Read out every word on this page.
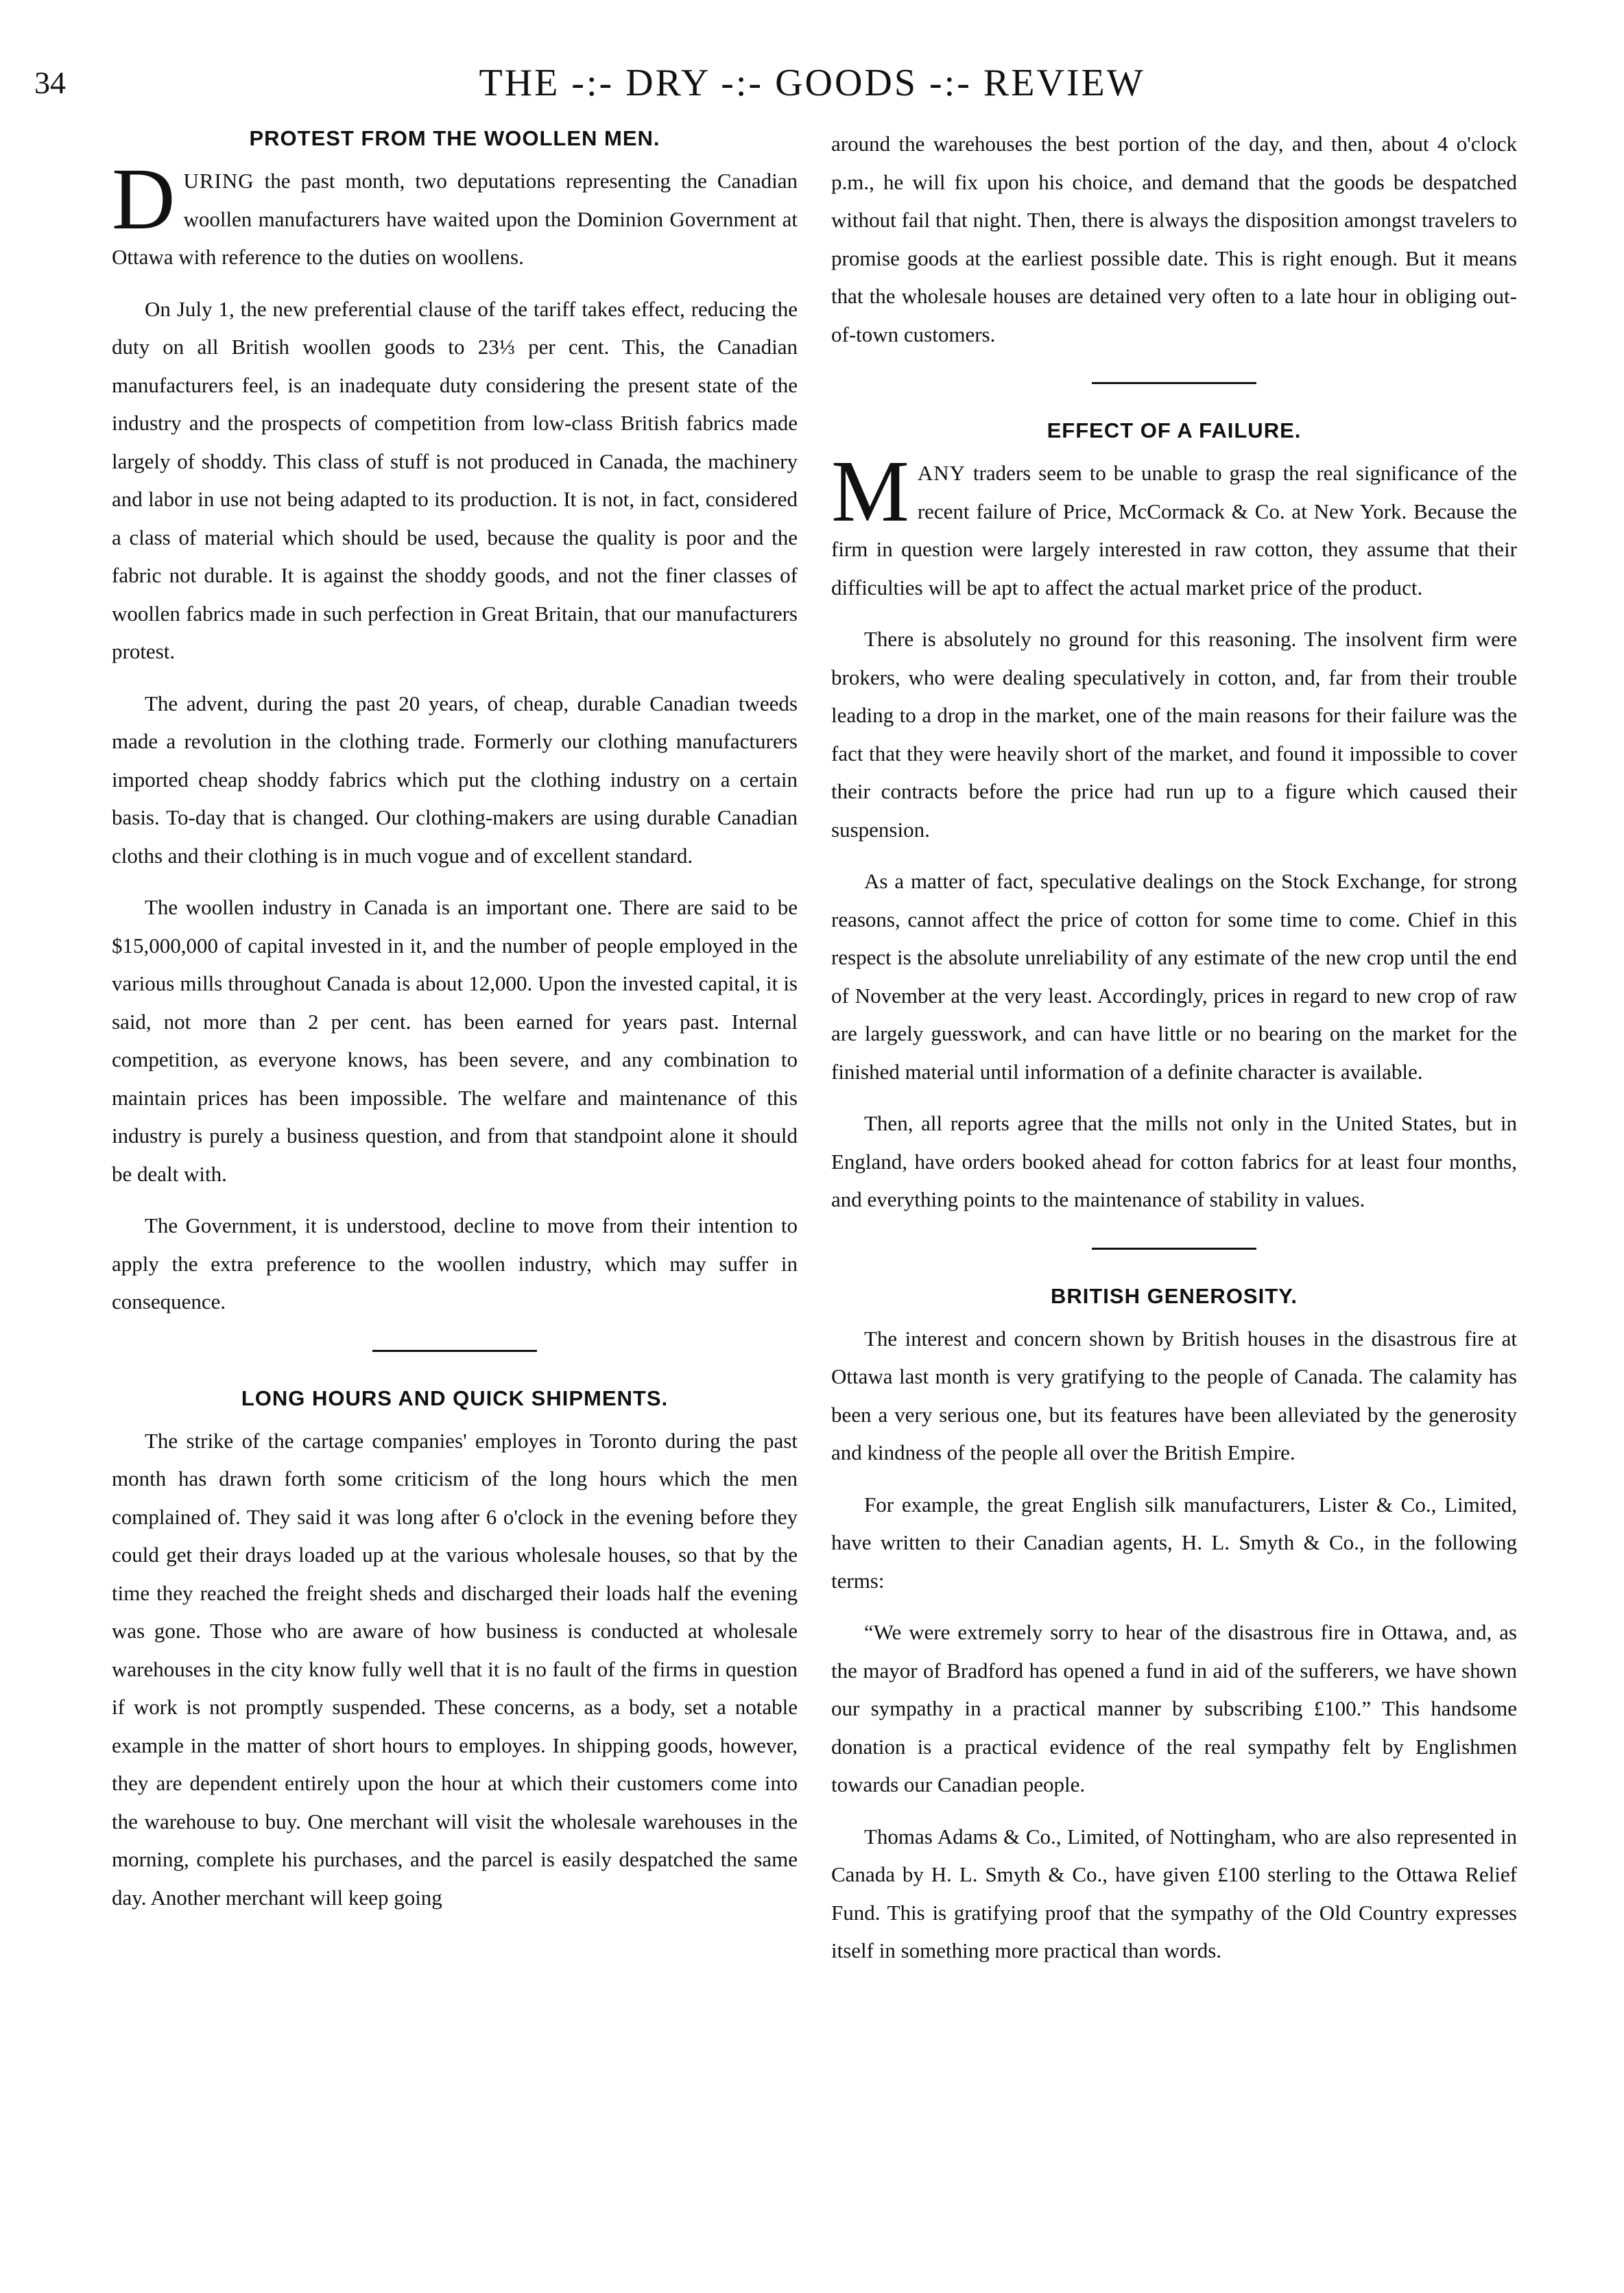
34	THE -:- DRY -:- GOODS -:- REVIEW
PROTEST FROM THE WOOLLEN MEN.

DURING the past month, two deputations representing the Canadian woollen manufacturers have waited upon the Dominion Government at Ottawa with reference to the duties on woollens.

On July 1, the new preferential clause of the tariff takes effect, reducing the duty on all British woollen goods to 23⅓ per cent. This, the Canadian manufacturers feel, is an inadequate duty considering the present state of the industry and the prospects of competition from low-class British fabrics made largely of shoddy. This class of stuff is not produced in Canada, the machinery and labor in use not being adapted to its production. It is not, in fact, considered a class of material which should be used, because the quality is poor and the fabric not durable. It is against the shoddy goods, and not the finer classes of woollen fabrics made in such perfection in Great Britain, that our manufacturers protest.

The advent, during the past 20 years, of cheap, durable Canadian tweeds made a revolution in the clothing trade. Formerly our clothing manufacturers imported cheap shoddy fabrics which put the clothing industry on a certain basis. To-day that is changed. Our clothing-makers are using durable Canadian cloths and their clothing is in much vogue and of excellent standard.

The woollen industry in Canada is an important one. There are said to be $15,000,000 of capital invested in it, and the number of people employed in the various mills throughout Canada is about 12,000. Upon the invested capital, it is said, not more than 2 per cent. has been earned for years past. Internal competition, as everyone knows, has been severe, and any combination to maintain prices has been impossible. The welfare and maintenance of this industry is purely a business question, and from that standpoint alone it should be dealt with.

The Government, it is understood, decline to move from their intention to apply the extra preference to the woollen industry, which may suffer in consequence.

LONG HOURS AND QUICK SHIPMENTS.

The strike of the cartage companies' employes in Toronto during the past month has drawn forth some criticism of the long hours which the men complained of. They said it was long after 6 o'clock in the evening before they could get their drays loaded up at the various wholesale houses, so that by the time they reached the freight sheds and discharged their loads half the evening was gone. Those who are aware of how business is conducted at wholesale warehouses in the city know fully well that it is no fault of the firms in question if work is not promptly suspended. These concerns, as a body, set a notable example in the matter of short hours to employes. In shipping goods, however, they are dependent entirely upon the hour at which their customers come into the warehouse to buy. One merchant will visit the wholesale warehouses in the morning, complete his purchases, and the parcel is easily despatched the same day. Another merchant will keep going

around the warehouses the best portion of the day, and then, about 4 o'clock p.m., he will fix upon his choice, and demand that the goods be despatched without fail that night. Then, there is always the disposition amongst travelers to promise goods at the earliest possible date. This is right enough. But it means that the wholesale houses are detained very often to a late hour in obliging out-of-town customers.

EFFECT OF A FAILURE.

MANY traders seem to be unable to grasp the real significance of the recent failure of Price, McCormack & Co. at New York. Because the firm in question were largely interested in raw cotton, they assume that their difficulties will be apt to affect the actual market price of the product.

There is absolutely no ground for this reasoning. The insolvent firm were brokers, who were dealing speculatively in cotton, and, far from their trouble leading to a drop in the market, one of the main reasons for their failure was the fact that they were heavily short of the market, and found it impossible to cover their contracts before the price had run up to a figure which caused their suspension.

As a matter of fact, speculative dealings on the Stock Exchange, for strong reasons, cannot affect the price of cotton for some time to come. Chief in this respect is the absolute unreliability of any estimate of the new crop until the end of November at the very least. Accordingly, prices in regard to new crop of raw are largely guesswork, and can have little or no bearing on the market for the finished material until information of a definite character is available.

Then, all reports agree that the mills not only in the United States, but in England, have orders booked ahead for cotton fabrics for at least four months, and everything points to the maintenance of stability in values.

BRITISH GENEROSITY.

The interest and concern shown by British houses in the disastrous fire at Ottawa last month is very gratifying to the people of Canada. The calamity has been a very serious one, but its features have been alleviated by the generosity and kindness of the people all over the British Empire.

For example, the great English silk manufacturers, Lister & Co., Limited, have written to their Canadian agents, H. L. Smyth & Co., in the following terms:

“We were extremely sorry to hear of the disastrous fire in Ottawa, and, as the mayor of Bradford has opened a fund in aid of the sufferers, we have shown our sympathy in a practical manner by subscribing £100.” This handsome donation is a practical evidence of the real sympathy felt by Englishmen towards our Canadian people.

Thomas Adams & Co., Limited, of Nottingham, who are also represented in Canada by H. L. Smyth & Co., have given £100 sterling to the Ottawa Relief Fund. This is gratifying proof that the sympathy of the Old Country expresses itself in something more practical than words.
